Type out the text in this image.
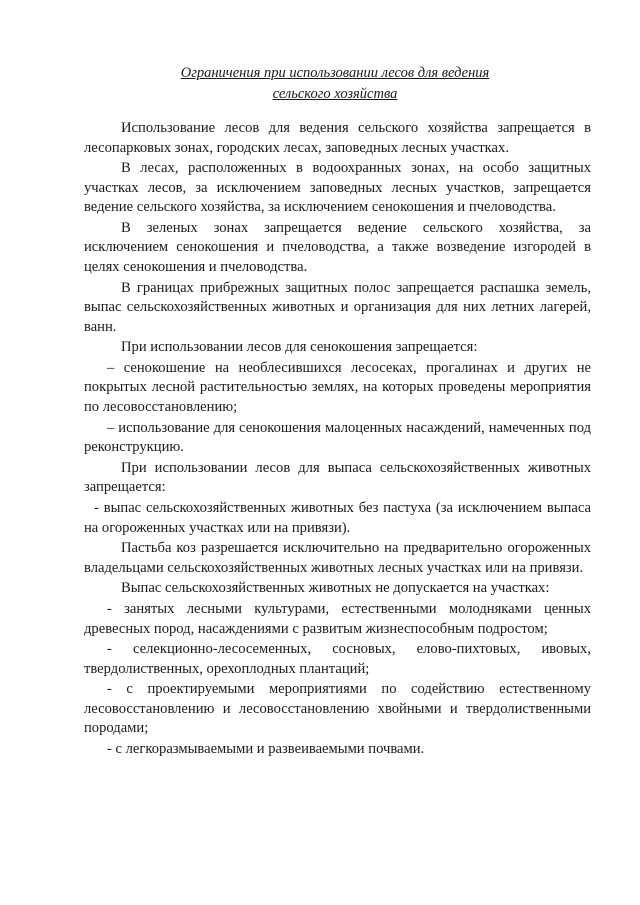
Ограничения при использовании лесов для ведения
сельского хозяйства

Использование лесов для ведения сельского хозяйства запрещается в лесопарковых зонах, городских лесах, заповедных лесных участках.

В лесах, расположенных в водоохранных зонах, на особо защитных участках лесов, за исключением заповедных лесных участков, запрещается ведение сельского хозяйства, за исключением сенокошения и пчеловодства.

В зеленых зонах запрещается ведение сельского хозяйства, за исключением сенокошения и пчеловодства, а также возведение изгородей в целях сенокошения и пчеловодства.

В границах прибрежных защитных полос запрещается распашка земель, выпас сельскохозяйственных животных и организация для них летних лагерей, ванн.

При использовании лесов для сенокошения запрещается:

– сенокошение на необлесившихся лесосеках, прогалинах и других не покрытых лесной растительностью землях, на которых проведены мероприятия по лесовосстановлению;

– использование для сенокошения малоценных насаждений, намеченных под реконструкцию.

При использовании лесов для выпаса сельскохозяйственных животных запрещается:

- выпас сельскохозяйственных животных без пастуха (за исключением выпаса на огороженных участках или на привязи).

Пастьба коз разрешается исключительно на предварительно огороженных владельцами сельскохозяйственных животных лесных участках или на привязи.

Выпас сельскохозяйственных животных не допускается на участках:

- занятых лесными культурами, естественными молодняками ценных древесных пород, насаждениями с развитым жизнеспособным подростом;

- селекционно-лесосеменных, сосновых, елово-пихтовых, ивовых, твердолиственных, орехоплодных плантаций;

- с проектируемыми мероприятиями по содействию естественному лесовосстановлению и лесовосстановлению хвойными и твердолиственными породами;

- с легкоразмываемыми и развеиваемыми почвами.
